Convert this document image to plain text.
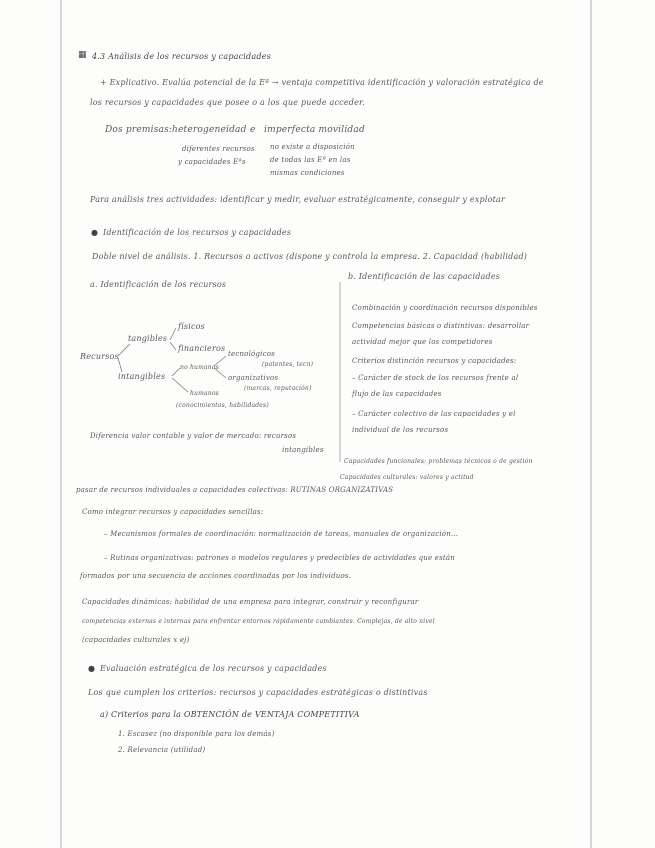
▦ 4.3 Análisis de los recursos y capacidades
+ Explicativo. Evalúa potencial de la Eª → ventaja competitiva identificación y valoración estratégica de
los recursos y capacidades que posee o a los que puede acceder.
Dos premisas: heterogeneidad e imperfecta movilidad
diferentes recursos
y capacidades Eªs
no existe a disposición
de todas las Eª en las
mismas condiciones
Para análisis tres actividades: identificar y medir, evaluar estratégicamente, conseguir y explotar
● Identificación de los recursos y capacidades
Doble nivel de análisis. 1. Recursos o activos (dispone y controla la empresa. 2. Capacidad (habilidad)
a. Identificación de los recursos
Recursos
tangibles
intangibles
físicos
financieros
no humanos
humanos
(conocimientos, habilidades)
tecnológicos
(patentes, tecn)
organizativos
(marcas, reputación)
Diferencia valor contable y valor de mercado: recursos
intangibles
b. Identificación de las capacidades
Combinación y coordinación recursos disponibles
Competencias básicas o distintivas: desarrollar
actividad mejor que los competidores
Criterios distinción recursos y capacidades:
– Carácter de stock de los recursos frente al
flujo de las capacidades
– Carácter colectivo de las capacidades y el
individual de los recursos
Capacidades funcionales: problemas técnicos o de gestión
Capacidades culturales: valores y actitud
pasar de recursos individuales a capacidades colectivas: RUTINAS ORGANIZATIVAS
Como integrar recursos y capacidades sencillas:
– Mecanismos formales de coordinación: normalización de tareas, manuales de organización...
– Rutinas organizativas: patrones o modelos regulares y predecibles de actividades que están
formados por una secuencia de acciones coordinadas por los individuos.
Capacidades dinámicas: habilidad de una empresa para integrar, construir y reconfigurar
competencias externas e internas para enfrentar entornos rápidamente cambiantes. Complejas, de alto nivel
(capacidades culturales x ej)
● Evaluación estratégica de los recursos y capacidades
Los que cumplen los criterios: recursos y capacidades estratégicas o distintivas
a) Criterios para la OBTENCIÓN de VENTAJA COMPETITIVA
1. Escasez (no disponible para los demás)
2. Relevancia (utilidad)
